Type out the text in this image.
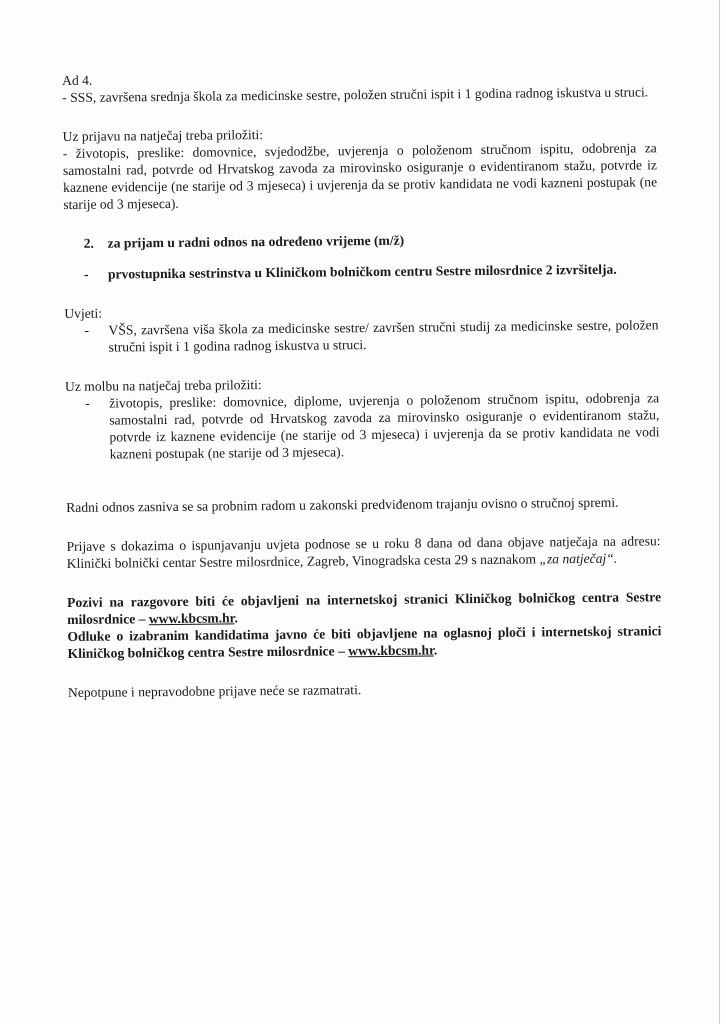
Ad 4.

- SSS, završena srednja škola za medicinske sestre, položen stručni ispit i 1 godina radnog iskustva u struci.

Uz prijavu na natječaj treba priložiti:

- životopis, preslike: domovnice, svjedodžbe, uvjerenja o položenom stručnom ispitu, odobrenja za samostalni rad, potvrde od Hrvatskog zavoda za mirovinsko osiguranje o evidentiranom stažu, potvrde iz kaznene evidencije (ne starije od 3 mjeseca) i uvjerenja da se protiv kandidata ne vodi kazneni postupak (ne starije od 3 mjeseca).

2.	za prijam u radni odnos na određeno vrijeme (m/ž)
-	prvostupnika sestrinstva u Kliničkom bolničkom centru Sestre milosrdnice 2 izvršitelja.

Uvjeti:

-	VŠS, završena viša škola za medicinske sestre/ završen stručni studij za medicinske sestre, položen stručni ispit i 1 godina radnog iskustva u struci.

Uz molbu na natječaj treba priložiti:

-	životopis, preslike: domovnice, diplome, uvjerenja o položenom stručnom ispitu, odobrenja za samostalni rad, potvrde od Hrvatskog zavoda za mirovinsko osiguranje o evidentiranom stažu, potvrde iz kaznene evidencije (ne starije od 3 mjeseca) i uvjerenja da se protiv kandidata ne vodi kazneni postupak (ne starije od 3 mjeseca).

Radni odnos zasniva se sa probnim radom u zakonski predviđenom trajanju ovisno o stručnoj spremi.

Prijave s dokazima o ispunjavanju uvjeta podnose se u roku 8 dana od dana objave natječaja na adresu: Klinički bolnički centar Sestre milosrdnice, Zagreb, Vinogradska cesta 29 s naznakom „za natječaj“.

Pozivi na razgovore biti će objavljeni na internetskoj stranici Kliničkog bolničkog centra Sestre milosrdnice – www.kbcsm.hr.

Odluke o izabranim kandidatima javno će biti objavljene na oglasnoj ploči i internetskoj stranici Kliničkog bolničkog centra Sestre milosrdnice – www.kbcsm.hr.

Nepotpune i nepravodobne prijave neće se razmatrati.
